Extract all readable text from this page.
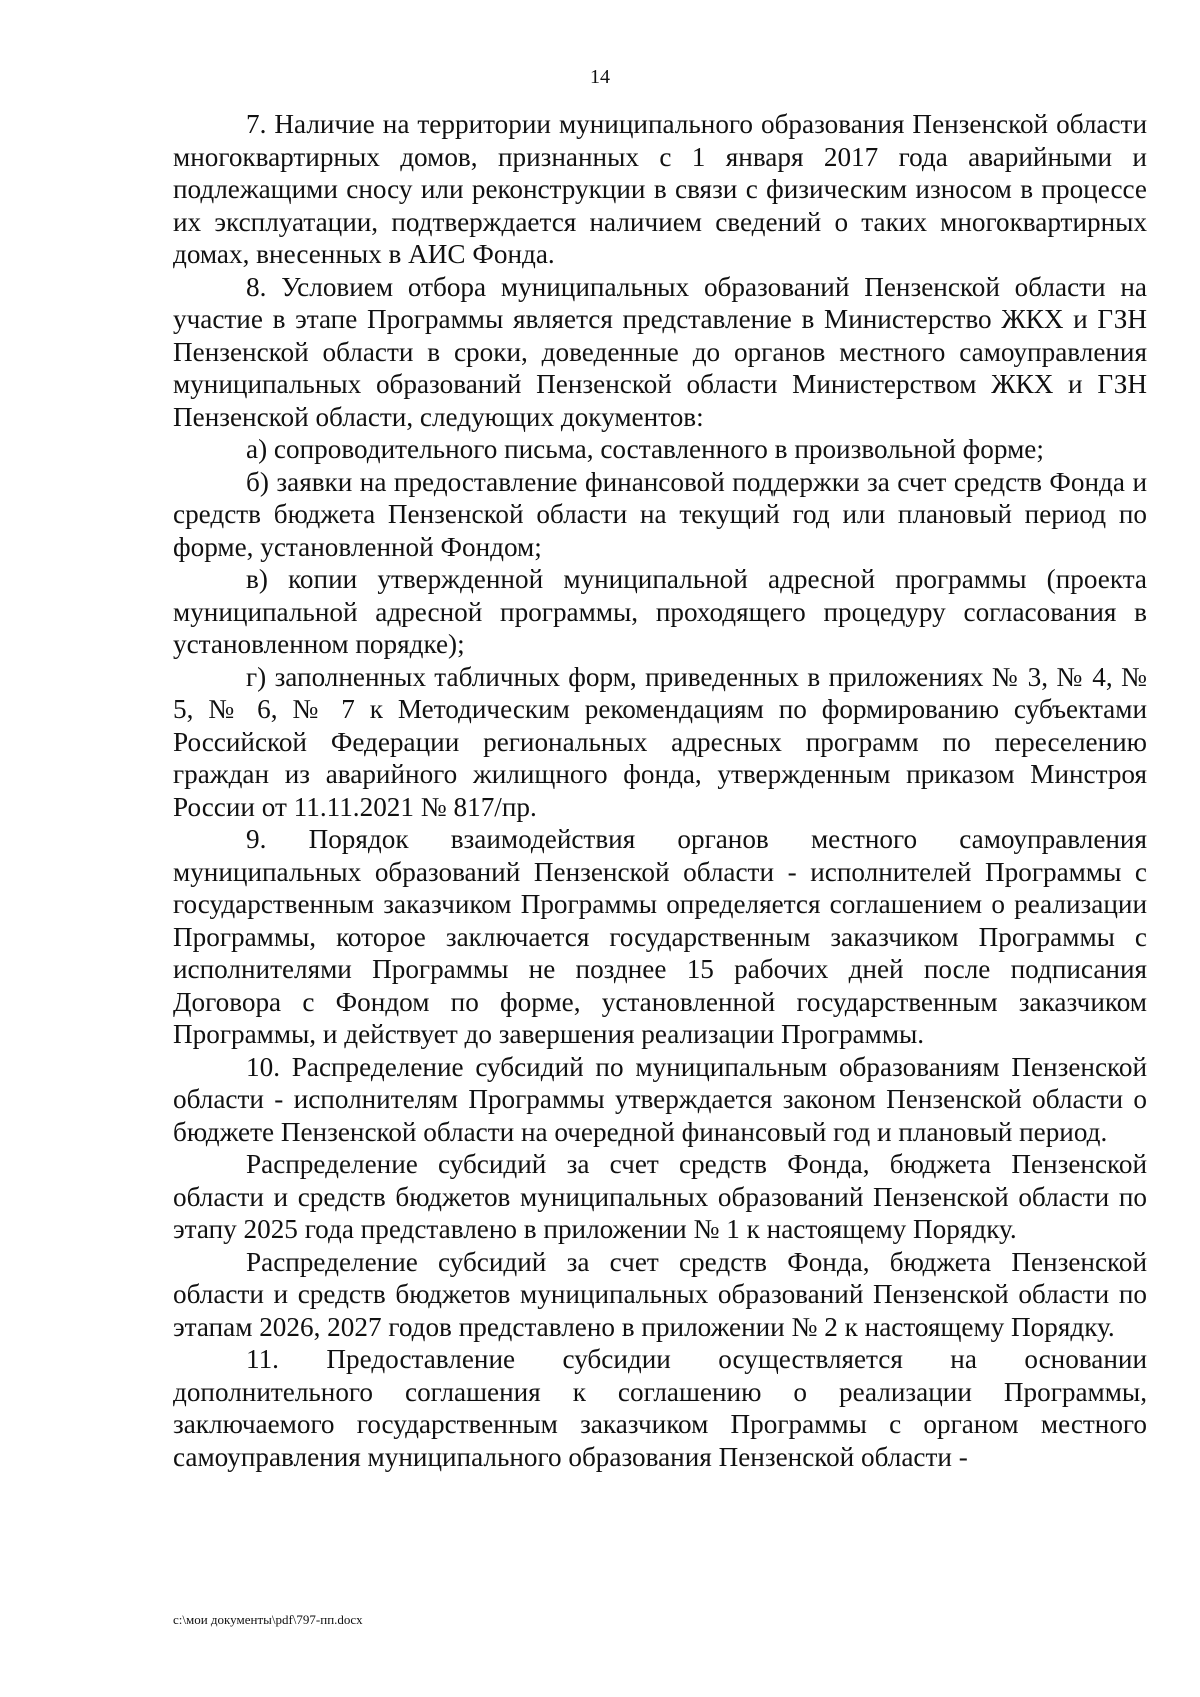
14

7. Наличие на территории муниципального образования Пензенской области многоквартирных домов, признанных с 1 января 2017 года аварийными и подлежащими сносу или реконструкции в связи с физическим износом в процессе их эксплуатации, подтверждается наличием сведений о таких многоквартирных домах, внесенных в АИС Фонда.

8. Условием отбора муниципальных образований Пензенской области на участие в этапе Программы является представление в Министерство ЖКХ и ГЗН Пензенской области в сроки, доведенные до органов местного самоуправления муниципальных образований Пензенской области Министерством ЖКХ и ГЗН Пензенской области, следующих документов:

а) сопроводительного письма, составленного в произвольной форме;

б) заявки на предоставление финансовой поддержки за счет средств Фонда и средств бюджета Пензенской области на текущий год или плановый период по форме, установленной Фондом;

в) копии утвержденной муниципальной адресной программы (проекта муниципальной адресной программы, проходящего процедуру согласования в установленном порядке);

г) заполненных табличных форм, приведенных в приложениях № 3, № 4, № 5, № 6, № 7 к Методическим рекомендациям по формированию субъектами Российской Федерации региональных адресных программ по переселению граждан из аварийного жилищного фонда, утвержденным приказом Минстроя России от 11.11.2021 № 817/пр.

9. Порядок взаимодействия органов местного самоуправления муниципальных образований Пензенской области - исполнителей Программы с государственным заказчиком Программы определяется соглашением о реализации Программы, которое заключается государственным заказчиком Программы с исполнителями Программы не позднее 15 рабочих дней после подписания Договора с Фондом по форме, установленной государственным заказчиком Программы, и действует до завершения реализации Программы.

10. Распределение субсидий по муниципальным образованиям Пензенской области - исполнителям Программы утверждается законом Пензенской области о бюджете Пензенской области на очередной финансовый год и плановый период.

Распределение субсидий за счет средств Фонда, бюджета Пензенской области и средств бюджетов муниципальных образований Пензенской области по этапу 2025 года представлено в приложении № 1 к настоящему Порядку.

Распределение субсидий за счет средств Фонда, бюджета Пензенской области и средств бюджетов муниципальных образований Пензенской области по этапам 2026, 2027 годов представлено в приложении № 2 к настоящему Порядку.

11. Предоставление субсидии осуществляется на основании дополнительного соглашения к соглашению о реализации Программы, заключаемого государственным заказчиком Программы с органом местного самоуправления муниципального образования Пензенской области -

c:\мои документы\pdf\797-пп.docx
